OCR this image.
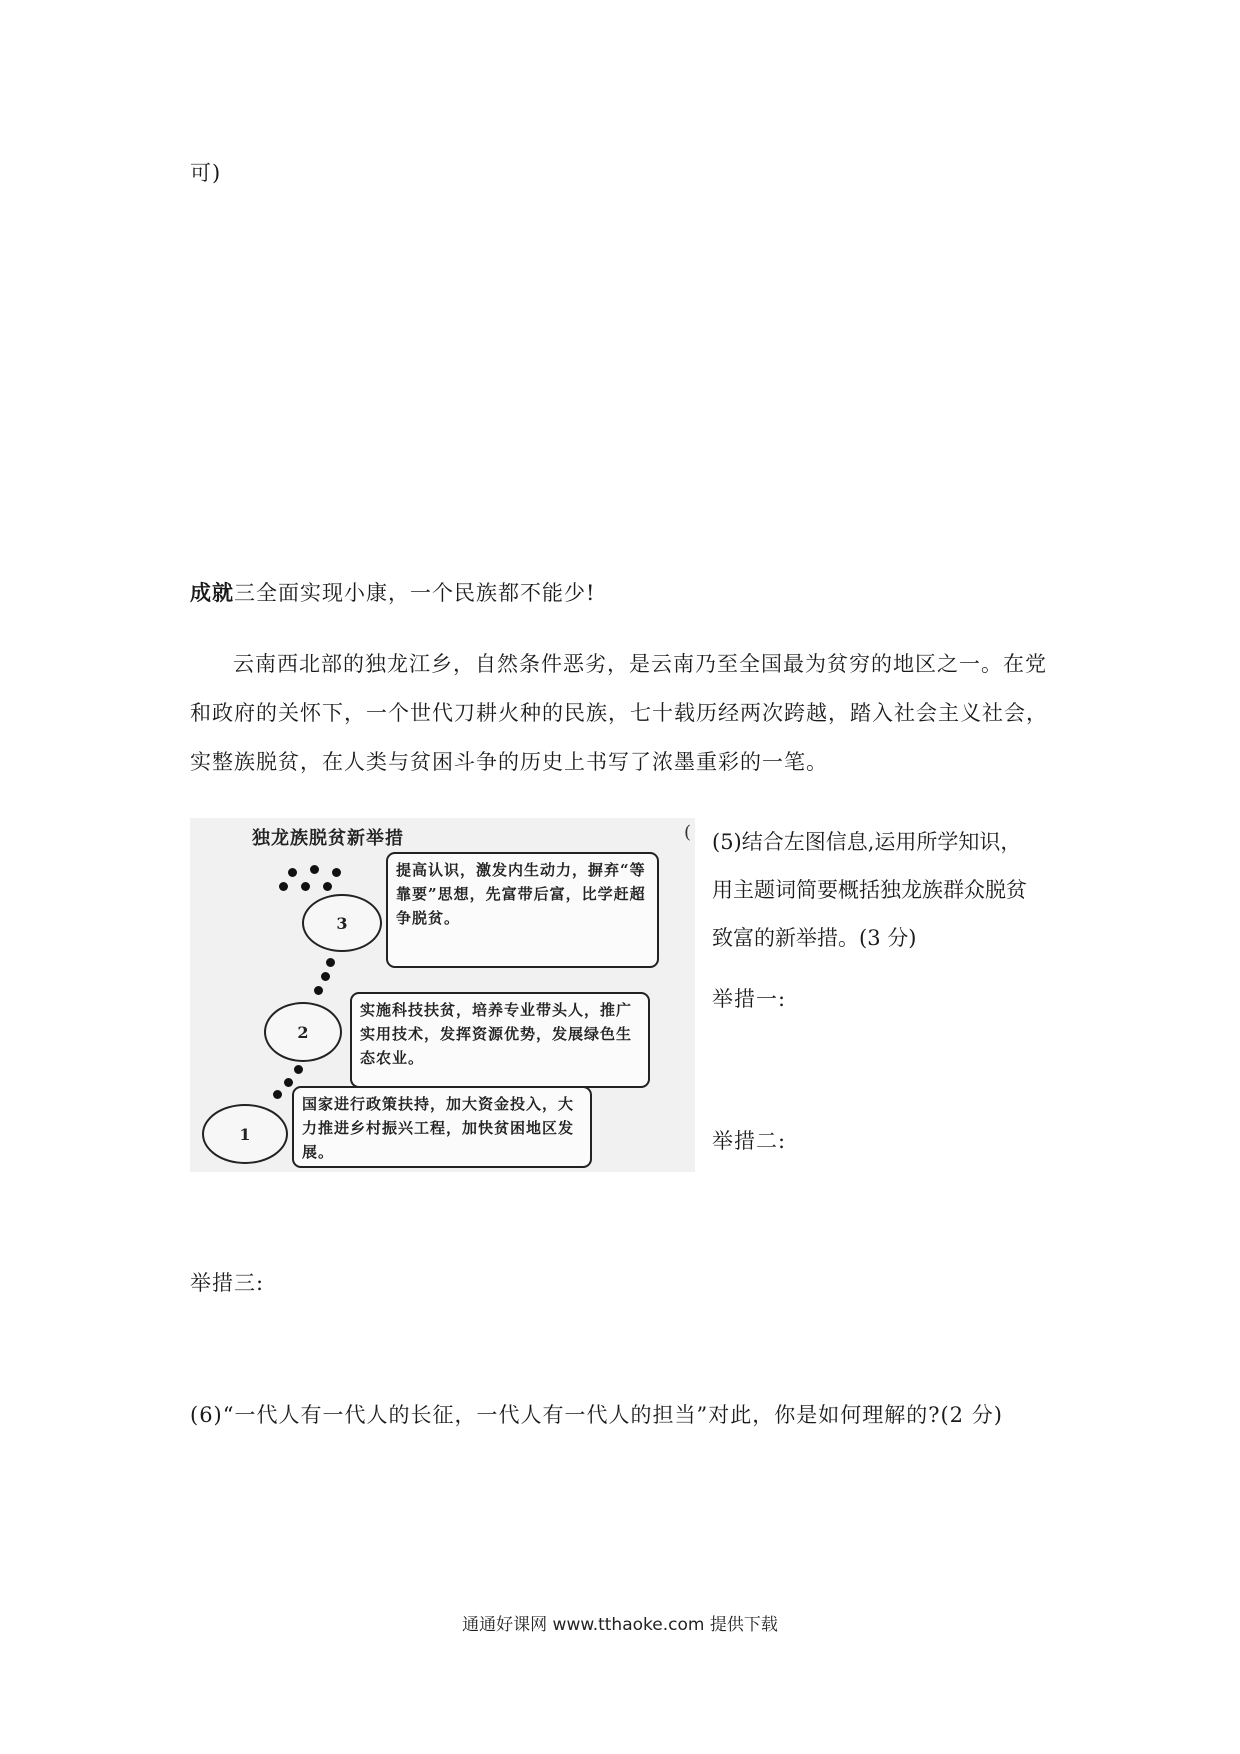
可)
成就三全面实现小康，一个民族都不能少!
云南西北部的独龙江乡，自然条件恶劣，是云南乃至全国最为贫穷的地区之一。在党和政府的关怀下，一个世代刀耕火种的民族，七十载历经两次跨越，踏入社会主义社会，实整族脱贫，在人类与贫困斗争的历史上书写了浓墨重彩的一笔。
独龙族脱贫新举措	(
3
提高认识，激发内生动力，摒弃“等靠要”思想，先富带后富，比学赶超争脱贫。
2
实施科技扶贫，培养专业带头人，推广实用技术，发挥资源优势，发展绿色生态农业。
1
国家进行政策扶持，加大资金投入，大力推进乡村振兴工程，加快贫困地区发展。
(5)结合左图信息,运用所学知识，
用主题词简要概括独龙族群众脱贫
致富的新举措。(3 分)
举措一:
举措二:
举措三:
(6)“一代人有一代人的长征，一代人有一代人的担当”对此，你是如何理解的?(2 分)
通通好课网 www.tthaoke.com 提供下载
